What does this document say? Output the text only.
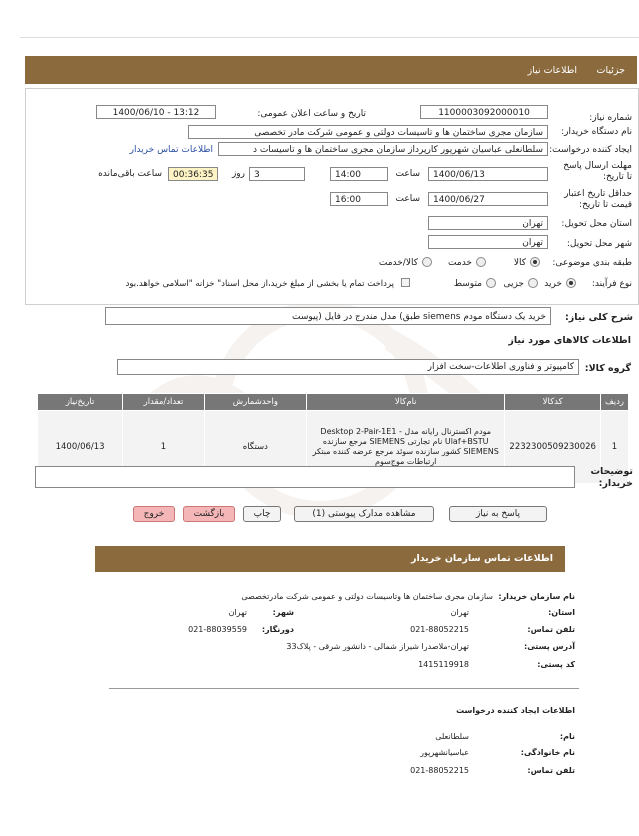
جزئیات
اطلاعات نیاز
شماره نیاز:
1100003092000010
تاریخ و ساعت اعلان عمومی:
1400/06/10 - 13:12
نام دستگاه خریدار:
سازمان مجری ساختمان ها و تاسیسات دولتی و عمومی شرکت مادر تخصصی
ایجاد کننده درخواست:
سلطانعلی عباسیان شهرپور کارپرداز سازمان مجری ساختمان ها و تاسیسات د
اطلاعات تماس خریدار
مهلت ارسال پاسخ تا تاریخ:
1400/06/13
ساعت
14:00
3
روز
00:36:35
ساعت باقی‌مانده
حداقل تاریخ اعتبار قیمت تا تاریخ:
1400/06/27
ساعت
16:00
استان محل تحویل:
تهران
شهر محل تحویل:
تهران
طبقه بندی موضوعی:
کالا
خدمت
کالا/خدمت
نوع فرآیند:
خرید
جزیی
متوسط
پرداخت تمام یا بخشی از مبلغ خرید،از محل اسناد" خزانه "اسلامی خواهد.بود
شرح کلی نیاز:
خرید یک دستگاه مودم siemens طبق) مدل مندرج در فایل (پیوست
اطلاعات کالاهای مورد نیاز
گروه کالا:
کامپیوتر و فناوری اطلاعات-سخت افزار
ردیف	کدکالا	نام‌کالا	واحدشمارش	تعداد/مقدار	تاریخ‌نیاز
1	2232300509230026	مودم اکسترنال رایانه مدل Desktop 2-Pair-1E1 -Ulaf+BSTU نام تجارتی SIEMENS مرجع سازنده SIEMENS کشور سازنده سوئد مرجع عرضه کننده مبتکر ارتباطات موج‌سوم	دستگاه	1	1400/06/13
توضیحات خریدار:
پاسخ به نیاز
مشاهده مدارک پیوستی (1)
چاپ
بازگشت
خروج
اطلاعات تماس سازمان خریدار
نام سازمان خریدار:
سازمان مجری ساختمان ها وتاسیسات دولتی و عمومی شرکت مادرتخصصی
استان:
تهران
شهر:
تهران
تلفن تماس:
021-88052215
دورنگار:
021-88039559
آدرس پستی:
تهران-ملاصدرا شیراز شمالی - دانشور شرقی - پلاک33
کد پستی:
1415119918
اطلاعات ایجاد کننده درخواست
نام:
سلطانعلی
نام خانوادگی:
عباسیانشهرپور
تلفن تماس:
021-88052215
